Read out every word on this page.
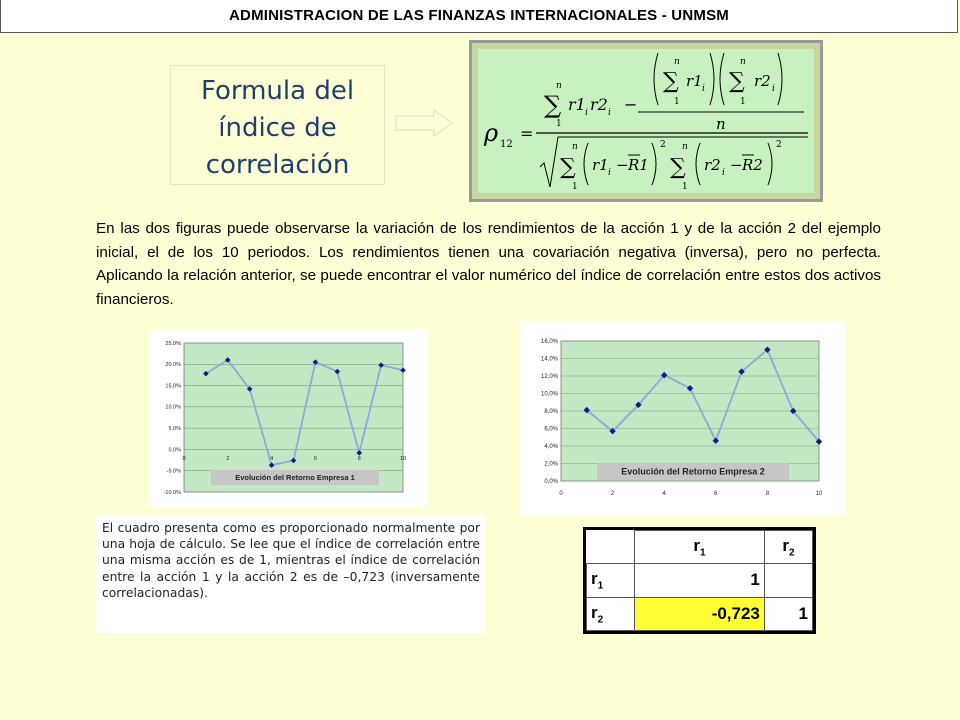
ADMINISTRACION DE LAS FINANZAS INTERNACIONALES - UNMSM
Formula del
índice de
correlación
ρ 12
=
n
∑
1
r1 i r2 i −
n
∑
1
r1 i
n
∑
1
r2 i
n
n
∑
1
r1 i − R1
2 n
∑
1
r2 i − R2
2
En las dos figuras puede observarse la variación de los rendimientos de la acción 1 y de la acción 2 del ejemplo inicial, el de los 10 periodos. Los rendimientos tienen una covariación negativa (inversa), pero no perfecta. Aplicando la relación anterior, se puede encontrar el valor numérico del índice de correlación entre estos dos activos financieros.
-10.0%
-5.0%
0.0%
5.0%
10.0%
15.0%
20.0%
25.0%
0	2	4	6	8	10
Evolución del Retorno Empresa 1	0,0%
2,0%
4,0%
6,0%
8,0%
10,0%
12,0%
14,0%
16,0%
0	2	4	6	8	10
Evolución del Retorno Empresa 2
El cuadro presenta como es proporcionado normalmente por una hoja de cálculo. Se lee que el índice de correlación entre una misma acción es de 1, mientras el índice de correlación entre la acción 1 y la acción 2 es de –0,723 (inversamente correlacionadas).
	$r_1$	$r_2$
$r_1$	1	
$r_2$	-0,723	1
